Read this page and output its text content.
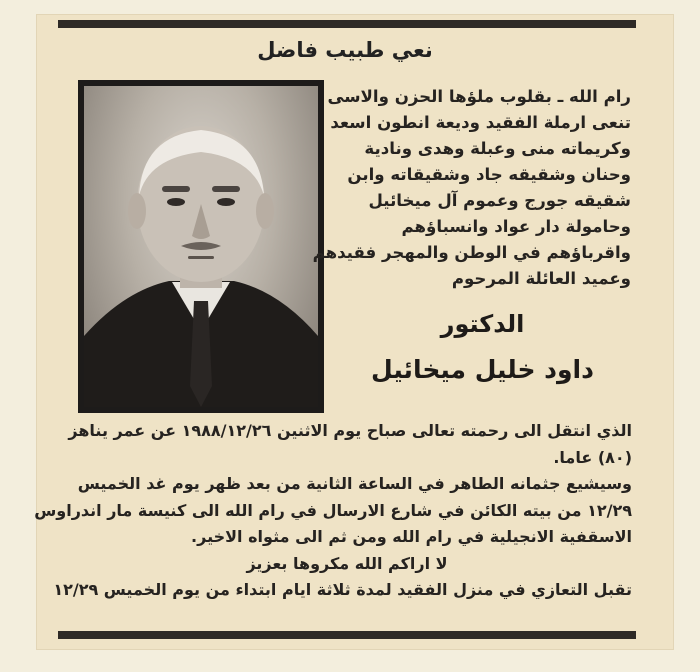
نعي طبيب فاضل
رام الله ـ بقلوب ملؤها الحزن والاسى
تنعى ارملة الفقيد وديعة انطون اسعد
وكريماته منى وعبلة وهدى ونادية
وحنان وشقيقه جاد وشقيقاته وابن
شقيقه جورج وعموم آل ميخائيل
وحامولة دار عواد وانسباؤهم
واقرباؤهم في الوطن والمهجر فقيدهم
وعميد العائلة المرحوم
الدكتور
داود خليل ميخائيل
الذي انتقل الى رحمته تعالى صباح يوم الاثنين ١٩٨٨/١٢/٢٦ عن عمر يناهز
(٨٠) عاما.
وسيشيع جثمانه الطاهر في الساعة الثانية من بعد ظهر يوم غد الخميس
١٢/٢٩ من بيته الكائن في شارع الارسال في رام الله الى كنيسة مار اندراوس
الاسقفية الانجيلية في رام الله ومن ثم الى مثواه الاخير.
لا اراكم الله مكروها بعزيز
تقبل التعازي في منزل الفقيد لمدة ثلاثة ايام ابتداء من يوم الخميس ١٢/٢٩
